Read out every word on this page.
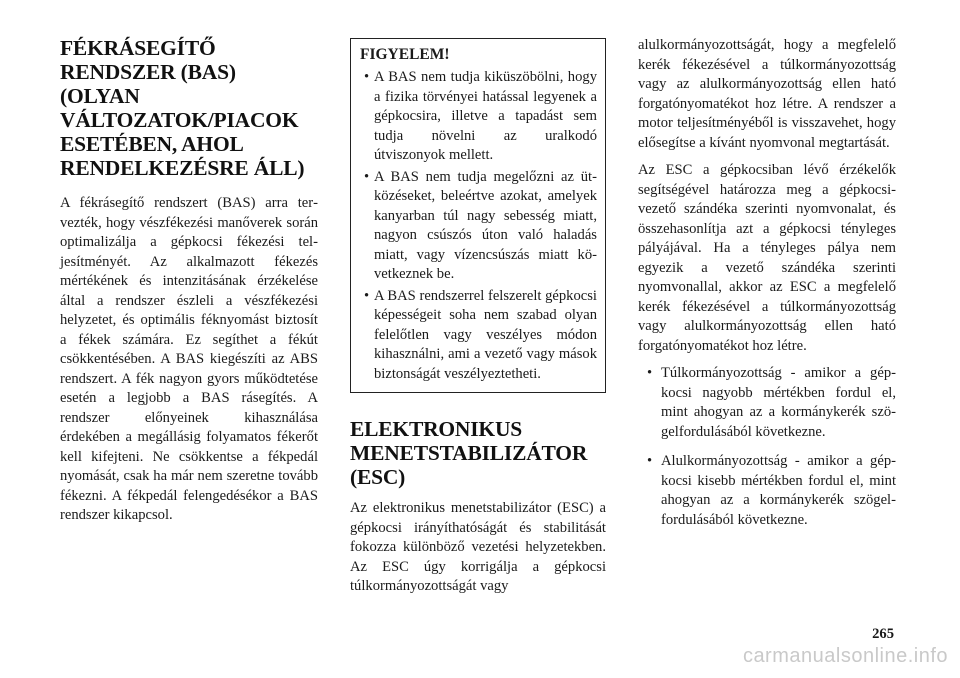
FÉKRÁSEGÍTŐ RENDSZER (BAS) (OLYAN VÁLTOZATOK/PIACOK ESETÉBEN, AHOL RENDELKEZÉSRE ÁLL)

A fékrásegítő rendszert (BAS) arra tervezték, hogy vészfékezési manőverek során optimalizálja a gépkocsi fékezési teljesítményét. Az alkalmazott fékezés mértékének és intenzitásának érzékelése által a rendszer észleli a vészfékezési helyzetet, és optimális féknyomást biztosít a fékek számára. Ez segíthet a fékút csökkentésében. A BAS kiegészíti az ABS rendszert. A fék nagyon gyors működtetése esetén a legjobb a BAS rásegítés. A rendszer előnyeinek kihasználása érdekében a megállásig folyamatos fékerőt kell kifejteni. Ne csökkentse a fékpedál nyomását, csak ha már nem szeretne tovább fékezni. A fékpedál felengedésékor a BAS rendszer kikapcsol.

FIGYELEM!
• A BAS nem tudja kiküszöbölni, hogy a fizika törvényei hatással legyenek a gépkocsira, illetve a tapadást sem tudja növelni az uralkodó útviszonyok mellett.
• A BAS nem tudja megelőzni az ütközéseket, beleértve azokat, amelyek kanyarban túl nagy sebesség miatt, nagyon csúszós úton való haladás miatt, vagy vízencsúszás miatt következnek be.
• A BAS rendszerrel felszerelt gépkocsi képességeit soha nem szabad olyan felelőtlen vagy veszélyes módon kihasználni, ami a vezető vagy mások biztonságát veszélyeztetheti.
ELEKTRONIKUS MENETSTABILIZÁTOR (ESC)

Az elektronikus menetstabilizátor (ESC) a gépkocsi irányíthatóságát és stabilitását fokozza különböző vezetési helyzetekben. Az ESC úgy korrigálja a gépkocsi túlkormányozottságát vagy

alulkormányozottságát, hogy a megfelelő kerék fékezésével a túlkormányozottság vagy az alulkormányozottság ellen ható forgatónyomatékot hoz létre. A rendszer a motor teljesítményéből is visszavehet, hogy elősegítse a kívánt nyomvonal megtartását.

Az ESC a gépkocsiban lévő érzékelők segítségével határozza meg a gépkocsivezető szándéka szerinti nyomvonalat, és összehasonlítja azt a gépkocsi tényleges pályájával. Ha a tényleges pálya nem egyezik a vezető szándéka szerinti nyomvonallal, akkor az ESC a megfelelő kerék fékezésével a túlkormányozottság vagy alulkormányozottság ellen ható forgatónyomatékot hoz létre.

• Túlkormányozottság - amikor a gépkocsi nagyobb mértékben fordul el, mint ahogyan az a kormánykerék szögelfordulásából következne.
• Alulkormányozottság - amikor a gépkocsi kisebb mértékben fordul el, mint ahogyan az a kormánykerék szögelfordulásából következne.
265
carmanualsonline.info
